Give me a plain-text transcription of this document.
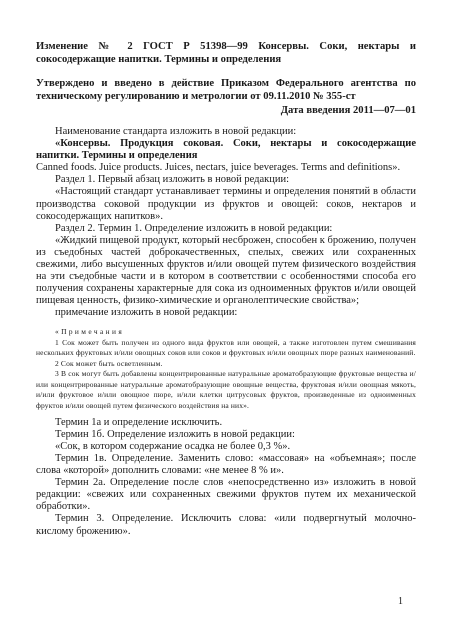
Изменение № 2 ГОСТ Р 51398—99 Консервы. Соки, нектары и сокосодержащие напитки. Термины и определения

Утверждено и введено в действие Приказом Федерального агентства по техническому регулированию и метрологии от 09.11.2010 № 355-ст

Дата введения 2011—07—01

Наименование стандарта изложить в новой редакции:

«Консервы. Продукция соковая. Соки, нектары и сокосодержащие напитки. Термины и определения

Canned foods. Juice products. Juices, nectars, juice beverages. Terms and definitions».

Раздел 1. Первый абзац изложить в новой редакции:

«Настоящий стандарт устанавливает термины и определения понятий в области производства соковой продукции из фруктов и овощей: соков, нектаров и сокосодержащих напитков».

Раздел 2. Термин 1. Определение изложить в новой редакции:

«Жидкий пищевой продукт, который несброжен, способен к брожению, получен из съедобных частей доброкачественных, спелых, свежих или сохраненных свежими, либо высушенных фруктов и/или овощей путем физического воздействия на эти съедобные части и в котором в соответствии с особенностями способа его получения сохранены характерные для сока из одноименных фруктов и/или овощей пищевая ценность, физико-химические и органолептические свойства»;

примечание изложить в новой редакции:

«Примечания

1 Сок может быть получен из одного вида фруктов или овощей, а также изготовлен путем смешивания нескольких фруктовых и/или овощных соков или соков и фруктовых и/или овощных пюре разных наименований.

2 Сок может быть осветленным.

3 В сок могут быть добавлены концентрированные натуральные ароматобразующие фруктовые вещества и/или концентрированные натуральные ароматобразующие овощные вещества, фруктовая и/или овощная мякоть, и/или фруктовое и/или овощное пюре, и/или клетки цитрусовых фруктов, произведенные из одноименных фруктов и/или овощей путем физического воздействия на них».

Термин 1а и определение исключить.

Термин 1б. Определение изложить в новой редакции:

«Сок, в котором содержание осадка не более 0,3 %».

Термин 1в. Определение. Заменить слово: «массовая» на «объемная»; после слова «которой» дополнить словами: «не менее 8 % и».

Термин 2а. Определение после слов «непосредственно из» изложить в новой редакции: «свежих или сохраненных свежими фруктов путем их механической обработки».

Термин 3. Определение. Исключить слова: «или подвергнутый молочно-кислому брожению».

1
